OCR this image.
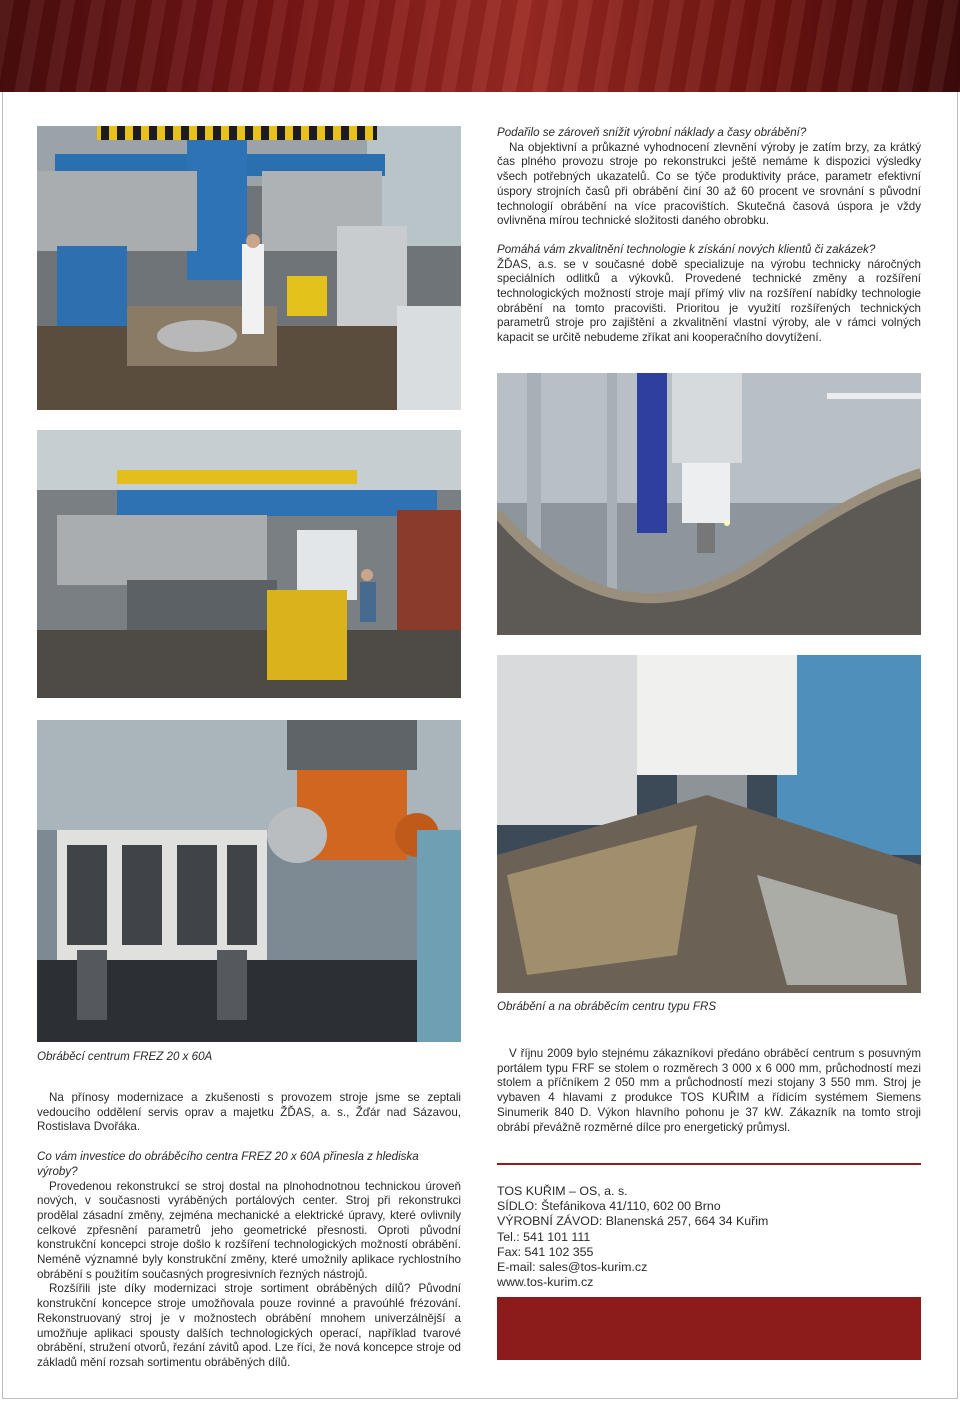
Podařilo se zároveň snížit výrobní náklady a časy obrábění?
Na objektivní a průkazné vyhodnocení zlevnění výroby je zatím brzy, za krátký čas plného provozu stroje po rekonstrukci ještě nemáme k dispozici výsledky všech potřebných ukazatelů. Co se týče produktivity práce, parametr efektivní úspory strojních časů při obrábění činí 30 až 60 procent ve srovnání s původní technologií obrábění na více pracovištích. Skutečná časová úspora je vždy ovlivněna mírou technické složitosti daného obrobku.
Pomáhá vám zkvalitnění technologie k získání nových klientů či zakázek?
ŽĎAS, a.s. se v současné době specializuje na výrobu technicky náročných speciálních odlitků a výkovků. Provedené technické změny a rozšíření technologických možností stroje mají přímý vliv na rozšíření nabídky technologie obrábění na tomto pracovišti. Prioritou je využití rozšířených technických parametrů stroje pro zajištění a zkvalitnění vlastní výroby, ale v rámci volných kapacit se určitě nebudeme zříkat ani kooperačního dovytížení.
Obrábění a na obráběcím centru typu FRS
Obráběcí centrum FREZ 20 x 60A
Na přínosy modernizace a zkušenosti s provozem stroje jsme se zeptali vedoucího oddělení servis oprav a majetku ŽĎAS, a. s., Žďár nad Sázavou, Rostislava Dvořáka.
Co vám investice do obráběcího centra FREZ 20 x 60A přinesla z hlediska výroby?
Provedenou rekonstrukcí se stroj dostal na plnohodnotnou technickou úroveň nových, v současnosti vyráběných portálových center. Stroj při rekonstrukci prodělal zásadní změny, zejména mechanické a elektrické úpravy, které ovlivnily celkové zpřesnění parametrů jeho geometrické přesnosti. Oproti původní konstrukční koncepci stroje došlo k rozšíření technologických možností obrábění. Neméně významné byly konstrukční změny, které umožnily aplikace rychlostního obrábění s použitím současných progresivních řezných nástrojů.
Rozšířili jste díky modernizaci stroje sortiment obráběných dílů? Původní konstrukční koncepce stroje umožňovala pouze rovinné a pravoúhlé frézování. Rekonstruovaný stroj je v možnostech obrábění mnohem univerzálnější a umožňuje aplikaci spousty dalších technologických operací, například tvarové obrábění, stružení otvorů, řezání závitů apod. Lze říci, že nová koncepce stroje od základů mění rozsah sortimentu obráběných dílů.
V říjnu 2009 bylo stejnému zákazníkovi předáno obráběcí centrum s posuvným portálem typu FRF se stolem o rozměrech 3 000 x 6 000 mm, průchodností mezi stolem a příčníkem 2 050 mm a průchodností mezi stojany 3 550 mm. Stroj je vybaven 4 hlavami z produkce TOS KUŘIM a řídicím systémem Siemens Sinumerik 840 D. Výkon hlavního pohonu je 37 kW. Zákazník na tomto stroji obrábí převážně rozměrné dílce pro energetický průmysl.
TOS KUŘIM – OS, a. s.
SÍDLO: Štefánikova 41/110, 602 00 Brno
VÝROBNÍ ZÁVOD: Blanenská 257, 664 34 Kuřim
Tel.: 541 101 111
Fax: 541 102 355
E-mail: sales@tos-kurim.cz
www.tos-kurim.cz
